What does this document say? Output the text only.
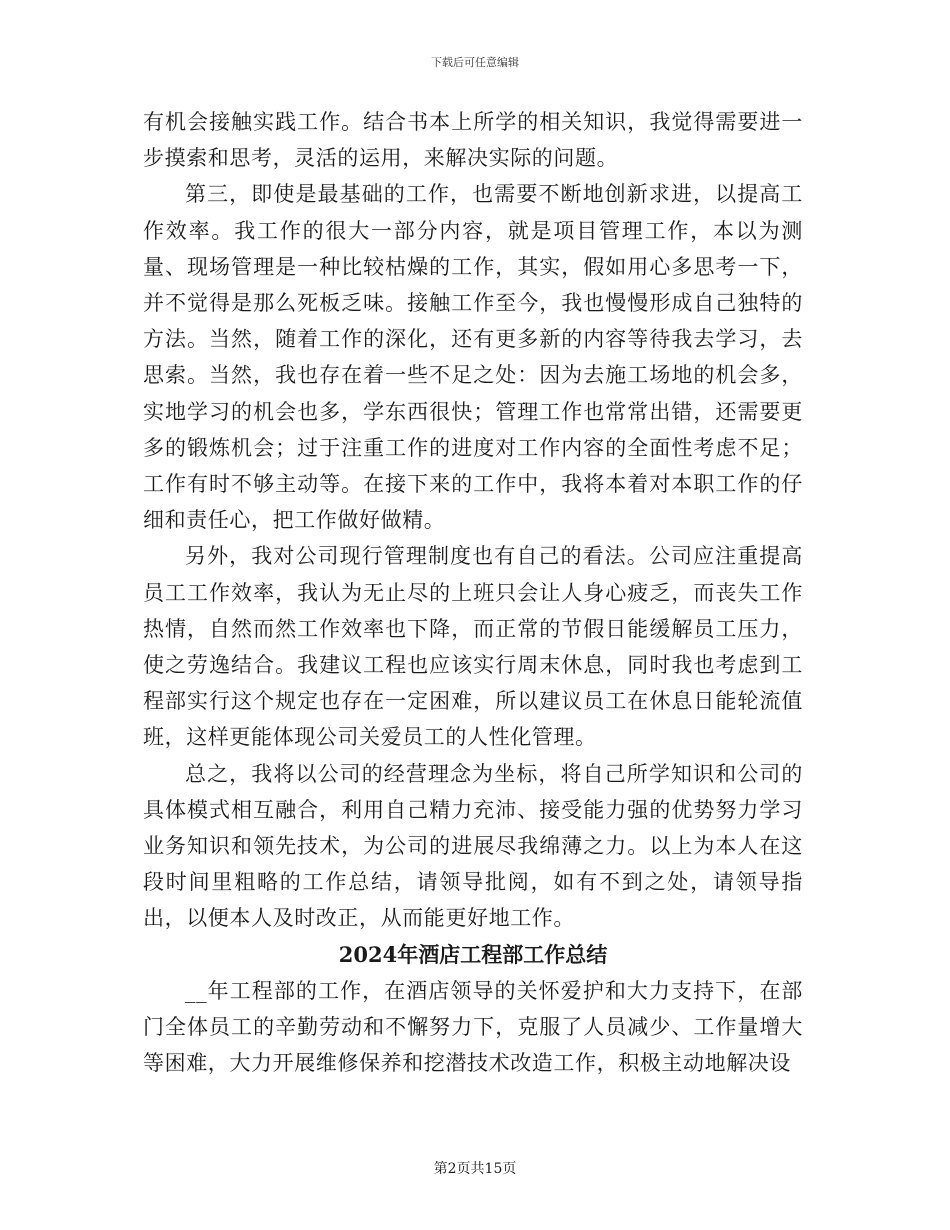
下载后可任意编辑

有机会接触实践工作。结合书本上所学的相关知识，我觉得需要进一步摸索和思考，灵活的运用，来解决实际的问题。

第三，即使是最基础的工作，也需要不断地创新求进，以提高工作效率。我工作的很大一部分内容，就是项目管理工作，本以为测量、现场管理是一种比较枯燥的工作，其实，假如用心多思考一下，并不觉得是那么死板乏味。接触工作至今，我也慢慢形成自己独特的方法。当然，随着工作的深化，还有更多新的内容等待我去学习，去思索。当然，我也存在着一些不足之处：因为去施工场地的机会多，实地学习的机会也多，学东西很快；管理工作也常常出错，还需要更多的锻炼机会；过于注重工作的进度对工作内容的全面性考虑不足；工作有时不够主动等。在接下来的工作中，我将本着对本职工作的仔细和责任心，把工作做好做精。

另外，我对公司现行管理制度也有自己的看法。公司应注重提高员工工作效率，我认为无止尽的上班只会让人身心疲乏，而丧失工作热情，自然而然工作效率也下降，而正常的节假日能缓解员工压力，使之劳逸结合。我建议工程也应该实行周末休息，同时我也考虑到工程部实行这个规定也存在一定困难，所以建议员工在休息日能轮流值班，这样更能体现公司关爱员工的人性化管理。

总之，我将以公司的经营理念为坐标，将自己所学知识和公司的具体模式相互融合，利用自己精力充沛、接受能力强的优势努力学习业务知识和领先技术，为公司的进展尽我绵薄之力。以上为本人在这段时间里粗略的工作总结，请领导批阅，如有不到之处，请领导指出，以便本人及时改正，从而能更好地工作。

2024年酒店工程部工作总结

__年工程部的工作，在酒店领导的关怀爱护和大力支持下，在部门全体员工的辛勤劳动和不懈努力下，克服了人员减少、工作量增大等困难，大力开展维修保养和挖潜技术改造工作，积极主动地解决设

第2页共15页
